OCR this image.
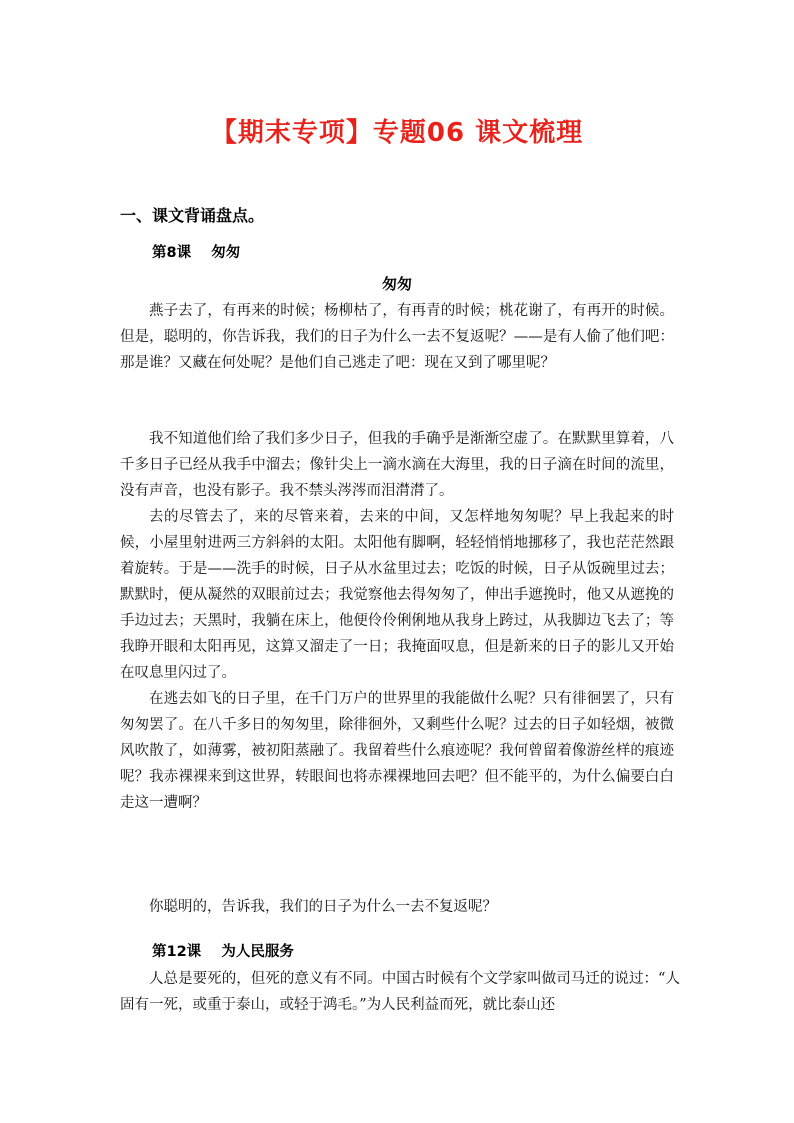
【期末专项】专题06 课文梳理
一、课文背诵盘点。
第8课    匆匆
匆匆

燕子去了，有再来的时候；杨柳枯了，有再青的时候；桃花谢了，有再开的时候。但是，聪明的，你告诉我，我们的日子为什么一去不复返呢？——是有人偷了他们吧：那是谁？又藏在何处呢？是他们自己逃走了吧：现在又到了哪里呢？

我不知道他们给了我们多少日子，但我的手确乎是渐渐空虚了。在默默里算着，八千多日子已经从我手中溜去；像针尖上一滴水滴在大海里，我的日子滴在时间的流里，没有声音，也没有影子。我不禁头涔涔而泪潸潸了。

去的尽管去了，来的尽管来着，去来的中间，又怎样地匆匆呢？早上我起来的时候，小屋里射进两三方斜斜的太阳。太阳他有脚啊，轻轻悄悄地挪移了，我也茫茫然跟着旋转。于是——洗手的时候，日子从水盆里过去；吃饭的时候，日子从饭碗里过去；默默时，便从凝然的双眼前过去；我觉察他去得匆匆了，伸出手遮挽时，他又从遮挽的手边过去；天黑时，我躺在床上，他便伶伶俐俐地从我身上跨过，从我脚边飞去了；等我睁开眼和太阳再见，这算又溜走了一日；我掩面叹息，但是新来的日子的影儿又开始在叹息里闪过了。

在逃去如飞的日子里，在千门万户的世界里的我能做什么呢？只有徘徊罢了，只有匆匆罢了。在八千多日的匆匆里，除徘徊外，又剩些什么呢？过去的日子如轻烟，被微风吹散了，如薄雾，被初阳蒸融了。我留着些什么痕迹呢？我何曾留着像游丝样的痕迹呢？我赤裸裸来到这世界，转眼间也将赤裸裸地回去吧？但不能平的，为什么偏要白白走这一遭啊？

你聪明的，告诉我，我们的日子为什么一去不复返呢？

第12课    为人民服务

人总是要死的，但死的意义有不同。中国古时候有个文学家叫做司马迁的说过：“人固有一死，或重于泰山，或轻于鸿毛。”为人民利益而死，就比泰山还
